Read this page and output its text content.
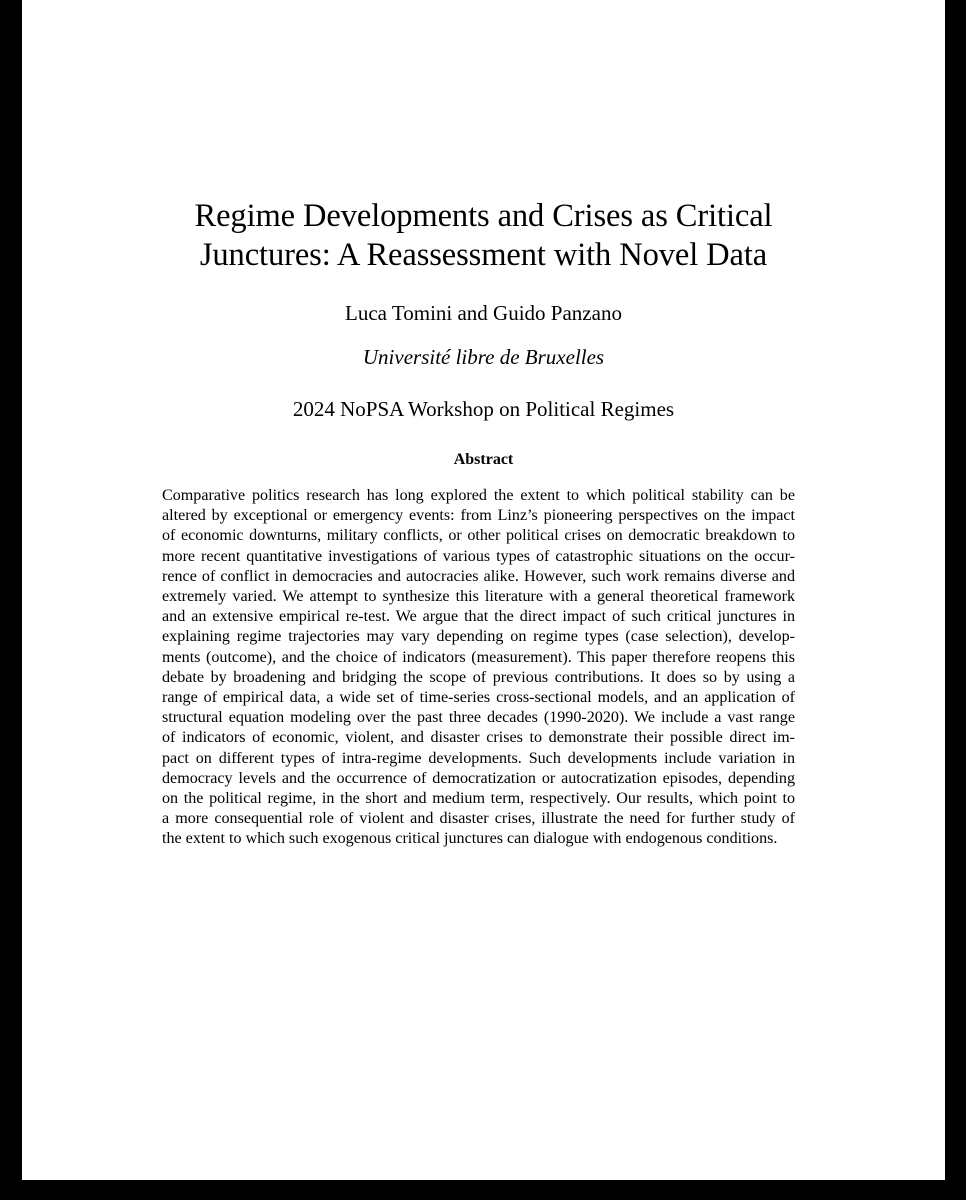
Regime Developments and Crises as Critical
Junctures: A Reassessment with Novel Data
Luca Tomini and Guido Panzano
Université libre de Bruxelles
2024 NoPSA Workshop on Political Regimes
Abstract
Comparative politics research has long explored the extent to which political stability can be
altered by exceptional or emergency events: from Linz’s pioneering perspectives on the impact
of economic downturns, military conflicts, or other political crises on democratic breakdown to
more recent quantitative investigations of various types of catastrophic situations on the occur-
rence of conflict in democracies and autocracies alike. However, such work remains diverse and
extremely varied. We attempt to synthesize this literature with a general theoretical framework
and an extensive empirical re-test. We argue that the direct impact of such critical junctures in
explaining regime trajectories may vary depending on regime types (case selection), develop-
ments (outcome), and the choice of indicators (measurement). This paper therefore reopens this
debate by broadening and bridging the scope of previous contributions. It does so by using a
range of empirical data, a wide set of time-series cross-sectional models, and an application of
structural equation modeling over the past three decades (1990-2020). We include a vast range
of indicators of economic, violent, and disaster crises to demonstrate their possible direct im-
pact on different types of intra-regime developments. Such developments include variation in
democracy levels and the occurrence of democratization or autocratization episodes, depending
on the political regime, in the short and medium term, respectively. Our results, which point to
a more consequential role of violent and disaster crises, illustrate the need for further study of
the extent to which such exogenous critical junctures can dialogue with endogenous conditions.
